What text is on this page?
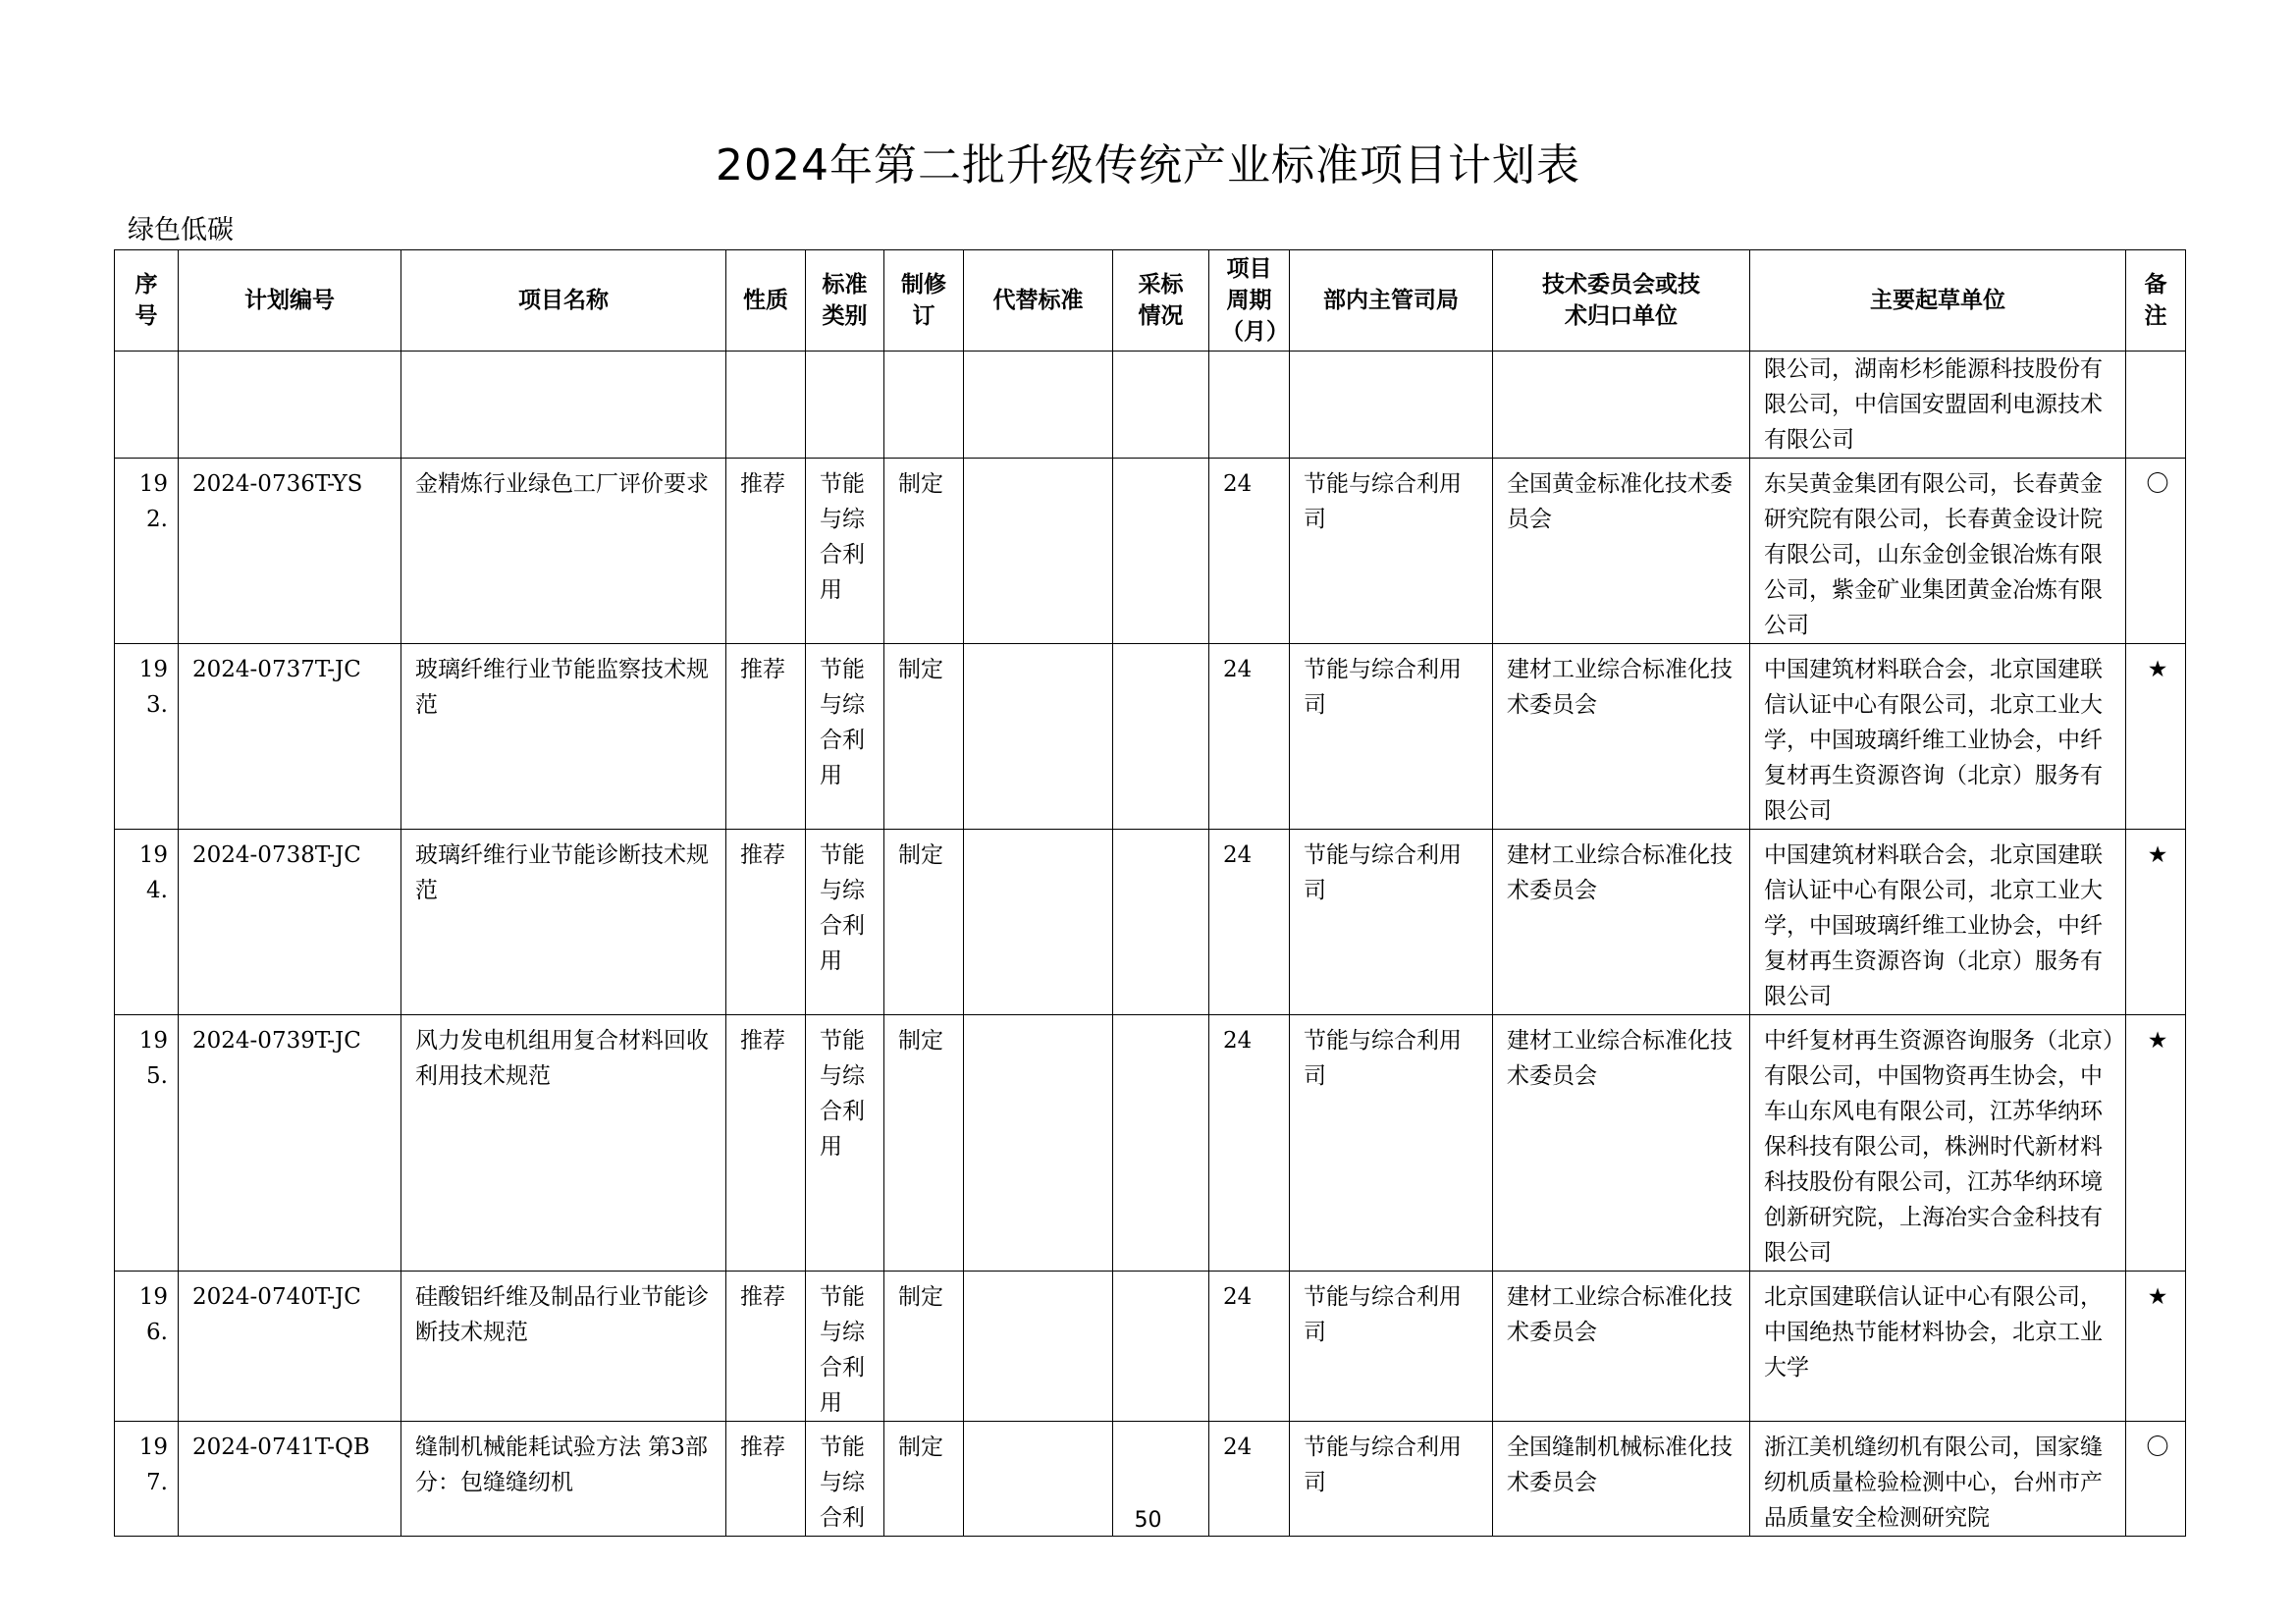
2024年第二批升级传统产业标准项目计划表
绿色低碳
序号	计划编号	项目名称	性质	标准类别	制修订	代替标准	采标情况	项目周期（月）	部内主管司局	技术委员会或技术归口单位	主要起草单位	备注
											限公司，湖南杉杉能源科技股份有限公司，中信国安盟固利电源技术有限公司	
192.	2024-0736T-YS	金精炼行业绿色工厂评价要求	推荐	节能与综合利用	制定			24	节能与综合利用司	全国黄金标准化技术委员会	东吴黄金集团有限公司，长春黄金研究院有限公司，长春黄金设计院有限公司，山东金创金银冶炼有限公司，紫金矿业集团黄金冶炼有限公司	〇
193.	2024-0737T-JC	玻璃纤维行业节能监察技术规范	推荐	节能与综合利用	制定			24	节能与综合利用司	建材工业综合标准化技术委员会	中国建筑材料联合会，北京国建联信认证中心有限公司，北京工业大学，中国玻璃纤维工业协会，中纤复材再生资源咨询（北京）服务有限公司	★
194.	2024-0738T-JC	玻璃纤维行业节能诊断技术规范	推荐	节能与综合利用	制定			24	节能与综合利用司	建材工业综合标准化技术委员会	中国建筑材料联合会，北京国建联信认证中心有限公司，北京工业大学，中国玻璃纤维工业协会，中纤复材再生资源咨询（北京）服务有限公司	★
195.	2024-0739T-JC	风力发电机组用复合材料回收利用技术规范	推荐	节能与综合利用	制定			24	节能与综合利用司	建材工业综合标准化技术委员会	中纤复材再生资源咨询服务（北京）有限公司，中国物资再生协会，中车山东风电有限公司，江苏华纳环保科技有限公司，株洲时代新材料科技股份有限公司，江苏华纳环境创新研究院，上海冶实合金科技有限公司	★
196.	2024-0740T-JC	硅酸铝纤维及制品行业节能诊断技术规范	推荐	节能与综合利用	制定			24	节能与综合利用司	建材工业综合标准化技术委员会	北京国建联信认证中心有限公司，中国绝热节能材料协会，北京工业大学	★
197.	2024-0741T-QB	缝制机械能耗试验方法 第3部分：包缝缝纫机	推荐	节能与综合利	制定			24	节能与综合利用司	全国缝制机械标准化技术委员会	浙江美机缝纫机有限公司，国家缝纫机质量检验检测中心，台州市产品质量安全检测研究院	〇
50
